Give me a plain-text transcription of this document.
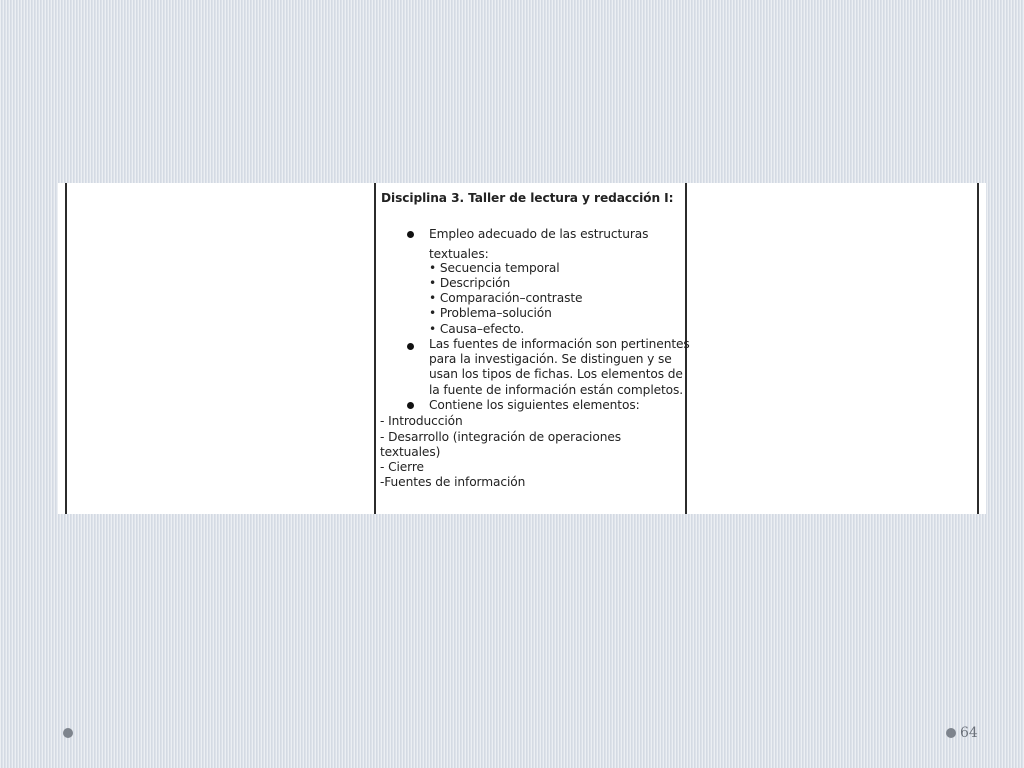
Disciplina 3. Taller de lectura y redacción I:
Empleo adecuado de las estructuras
textuales:
• Secuencia temporal
• Descripción
• Comparación–contraste
• Problema–solución
• Causa–efecto.
Las fuentes de información son pertinentes
para la investigación. Se distinguen y se
usan los tipos de fichas. Los elementos de
la fuente de información están completos.
Contiene los siguientes elementos:
- Introducción
- Desarrollo (integración de operaciones
textuales)
- Cierre
-Fuentes de información
64
